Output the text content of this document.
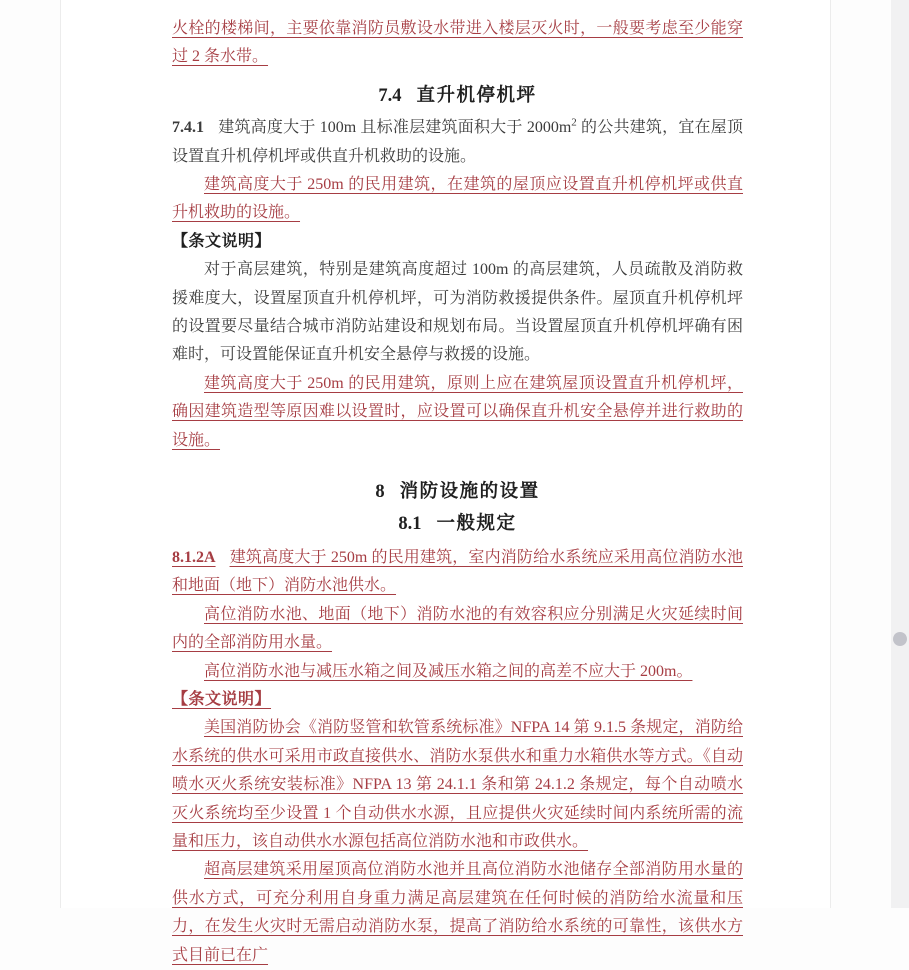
火栓的楼梯间，主要依靠消防员敷设水带进入楼层灭火时，一般要考虑至少能穿过 2 条水带。

7.4 直升机停机坪

7.4.1 建筑高度大于 100m 且标准层建筑面积大于 $2000m^2$ 的公共建筑，宜在屋顶设置直升机停机坪或供直升机救助的设施。

建筑高度大于 250m 的民用建筑，在建筑的屋顶应设置直升机停机坪或供直升机救助的设施。

【条文说明】

对于高层建筑，特别是建筑高度超过 100m 的高层建筑，人员疏散及消防救援难度大，设置屋顶直升机停机坪，可为消防救援提供条件。屋顶直升机停机坪的设置要尽量结合城市消防站建设和规划布局。当设置屋顶直升机停机坪确有困难时，可设置能保证直升机安全悬停与救援的设施。

建筑高度大于 250m 的民用建筑，原则上应在建筑屋顶设置直升机停机坪，确因建筑造型等原因难以设置时，应设置可以确保直升机安全悬停并进行救助的设施。

8 消防设施的设置

8.1 一般规定

8.1.2A 建筑高度大于 250m 的民用建筑，室内消防给水系统应采用高位消防水池和地面（地下）消防水池供水。

高位消防水池、地面（地下）消防水池的有效容积应分别满足火灾延续时间内的全部消防用水量。

高位消防水池与减压水箱之间及减压水箱之间的高差不应大于 200m。

【条文说明】

美国消防协会《消防竖管和软管系统标准》NFPA 14 第 9.1.5 条规定，消防给水系统的供水可采用市政直接供水、消防水泵供水和重力水箱供水等方式。《自动喷水灭火系统安装标准》NFPA 13 第 24.1.1 条和第 24.1.2 条规定，每个自动喷水灭火系统均至少设置 1 个自动供水水源，且应提供火灾延续时间内系统所需的流量和压力，该自动供水水源包括高位消防水池和市政供水。

超高层建筑采用屋顶高位消防水池并且高位消防水池储存全部消防用水量的供水方式，可充分利用自身重力满足高层建筑在任何时候的消防给水流量和压力，在发生火灾时无需启动消防水泵，提高了消防给水系统的可靠性，该供水方式目前已在广
